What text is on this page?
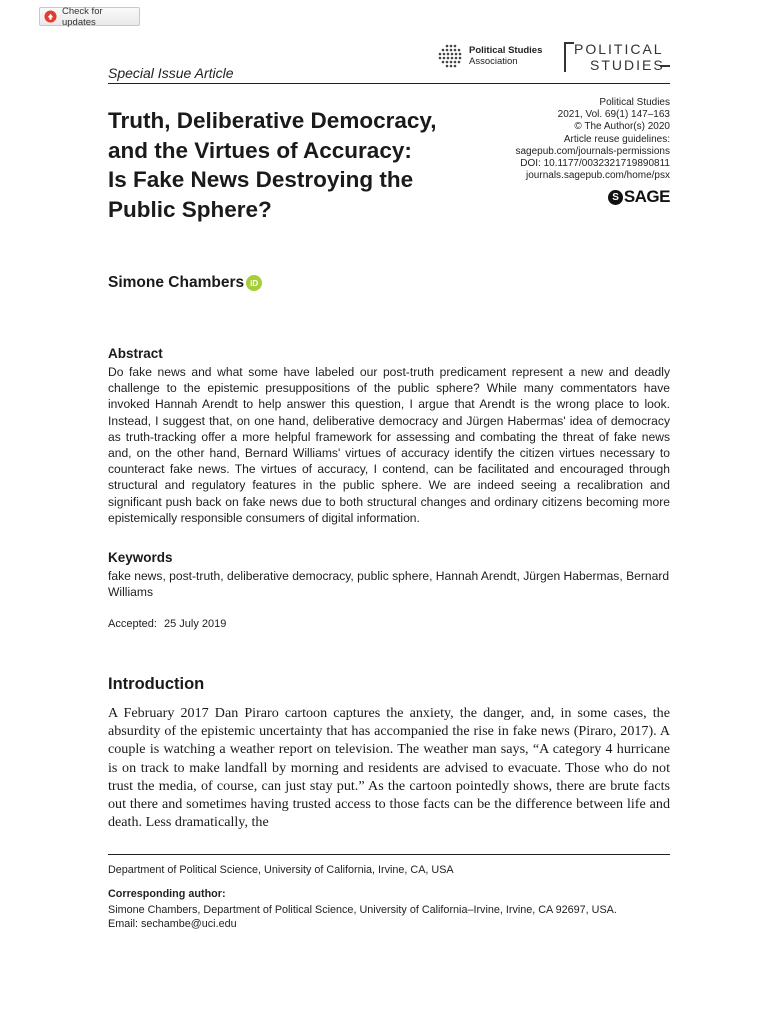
Check for updates
Political Studies
Association
POLITICAL
STUDIES
Special Issue Article
Truth, Deliberative Democracy,
and the Virtues of Accuracy:
Is Fake News Destroying the
Public Sphere?
Political Studies
2021, Vol. 69(1) 147–163
© The Author(s) 2020
Article reuse guidelines:
sagepub.com/journals-permissions
DOI: 10.1177/0032321719890811
journals.sagepub.com/home/psx
S SAGE
Simone Chambers iD
Abstract
Do fake news and what some have labeled our post-truth predicament represent a new and deadly challenge to the epistemic presuppositions of the public sphere? While many commentators have invoked Hannah Arendt to help answer this question, I argue that Arendt is the wrong place to look. Instead, I suggest that, on one hand, deliberative democracy and Jürgen Habermas' idea of democracy as truth-tracking offer a more helpful framework for assessing and combating the threat of fake news and, on the other hand, Bernard Williams' virtues of accuracy identify the citizen virtues necessary to counteract fake news. The virtues of accuracy, I contend, can be facilitated and encouraged through structural and regulatory features in the public sphere. We are indeed seeing a recalibration and significant push back on fake news due to both structural changes and ordinary citizens becoming more epistemically responsible consumers of digital information.
Keywords
fake news, post-truth, deliberative democracy, public sphere, Hannah Arendt, Jürgen Habermas, Bernard Williams
Accepted: 25 July 2019
Introduction
A February 2017 Dan Piraro cartoon captures the anxiety, the danger, and, in some cases, the absurdity of the epistemic uncertainty that has accompanied the rise in fake news (Piraro, 2017). A couple is watching a weather report on television. The weather man says, “A category 4 hurricane is on track to make landfall by morning and residents are advised to evacuate. Those who do not trust the media, of course, can just stay put.” As the cartoon pointedly shows, there are brute facts out there and sometimes having trusted access to those facts can be the difference between life and death. Less dramatically, the
Department of Political Science, University of California, Irvine, CA, USA
Corresponding author:
Simone Chambers, Department of Political Science, University of California–Irvine, Irvine, CA 92697, USA.
Email: sechambe@uci.edu
